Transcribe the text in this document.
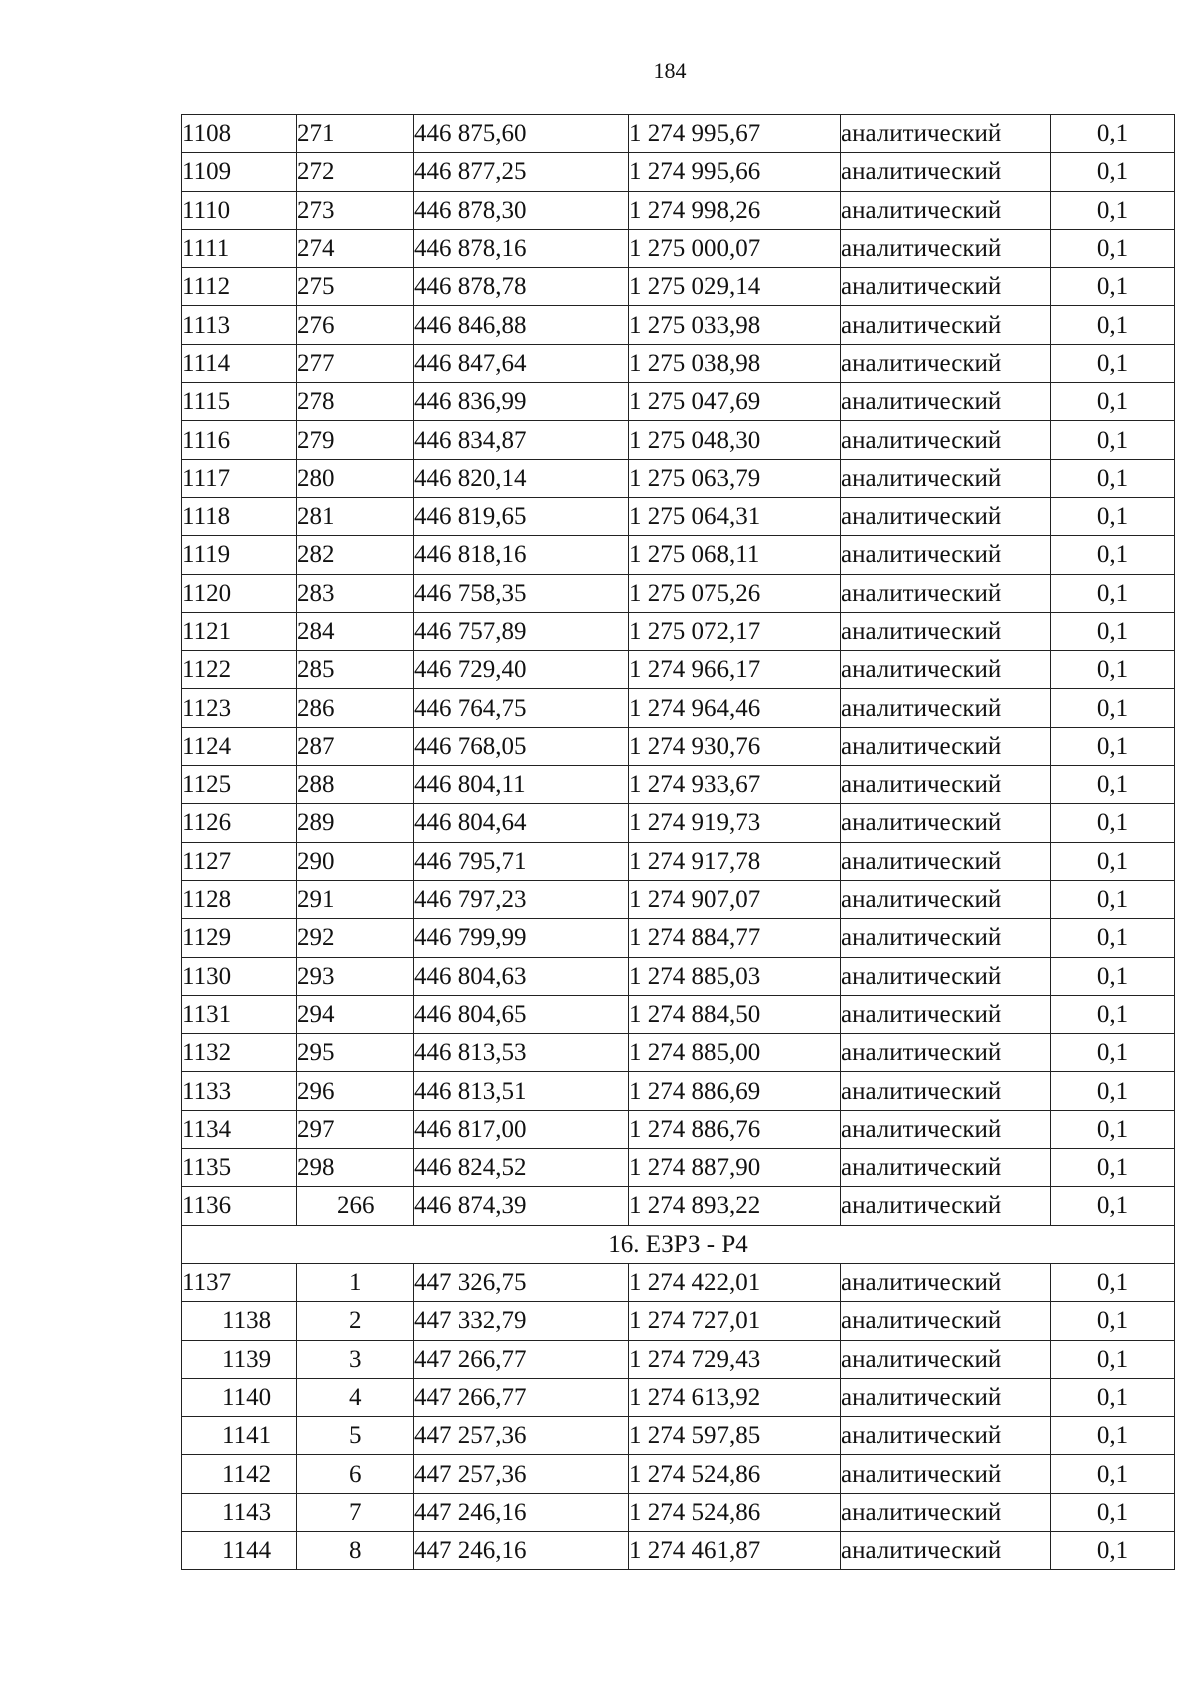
184
1108	271	446 875,60	1 274 995,67	аналитический	0,1
1109	272	446 877,25	1 274 995,66	аналитический	0,1
1110	273	446 878,30	1 274 998,26	аналитический	0,1
1111	274	446 878,16	1 275 000,07	аналитический	0,1
1112	275	446 878,78	1 275 029,14	аналитический	0,1
1113	276	446 846,88	1 275 033,98	аналитический	0,1
1114	277	446 847,64	1 275 038,98	аналитический	0,1
1115	278	446 836,99	1 275 047,69	аналитический	0,1
1116	279	446 834,87	1 275 048,30	аналитический	0,1
1117	280	446 820,14	1 275 063,79	аналитический	0,1
1118	281	446 819,65	1 275 064,31	аналитический	0,1
1119	282	446 818,16	1 275 068,11	аналитический	0,1
1120	283	446 758,35	1 275 075,26	аналитический	0,1
1121	284	446 757,89	1 275 072,17	аналитический	0,1
1122	285	446 729,40	1 274 966,17	аналитический	0,1
1123	286	446 764,75	1 274 964,46	аналитический	0,1
1124	287	446 768,05	1 274 930,76	аналитический	0,1
1125	288	446 804,11	1 274 933,67	аналитический	0,1
1126	289	446 804,64	1 274 919,73	аналитический	0,1
1127	290	446 795,71	1 274 917,78	аналитический	0,1
1128	291	446 797,23	1 274 907,07	аналитический	0,1
1129	292	446 799,99	1 274 884,77	аналитический	0,1
1130	293	446 804,63	1 274 885,03	аналитический	0,1
1131	294	446 804,65	1 274 884,50	аналитический	0,1
1132	295	446 813,53	1 274 885,00	аналитический	0,1
1133	296	446 813,51	1 274 886,69	аналитический	0,1
1134	297	446 817,00	1 274 886,76	аналитический	0,1
1135	298	446 824,52	1 274 887,90	аналитический	0,1
1136	266	446 874,39	1 274 893,22	аналитический	0,1
16. ЕЗРЗ - Р4					
1137	1	447 326,75	1 274 422,01	аналитический	0,1
1138	2	447 332,79	1 274 727,01	аналитический	0,1
1139	3	447 266,77	1 274 729,43	аналитический	0,1
1140	4	447 266,77	1 274 613,92	аналитический	0,1
1141	5	447 257,36	1 274 597,85	аналитический	0,1
1142	6	447 257,36	1 274 524,86	аналитический	0,1
1143	7	447 246,16	1 274 524,86	аналитический	0,1
1144	8	447 246,16	1 274 461,87	аналитический	0,1
